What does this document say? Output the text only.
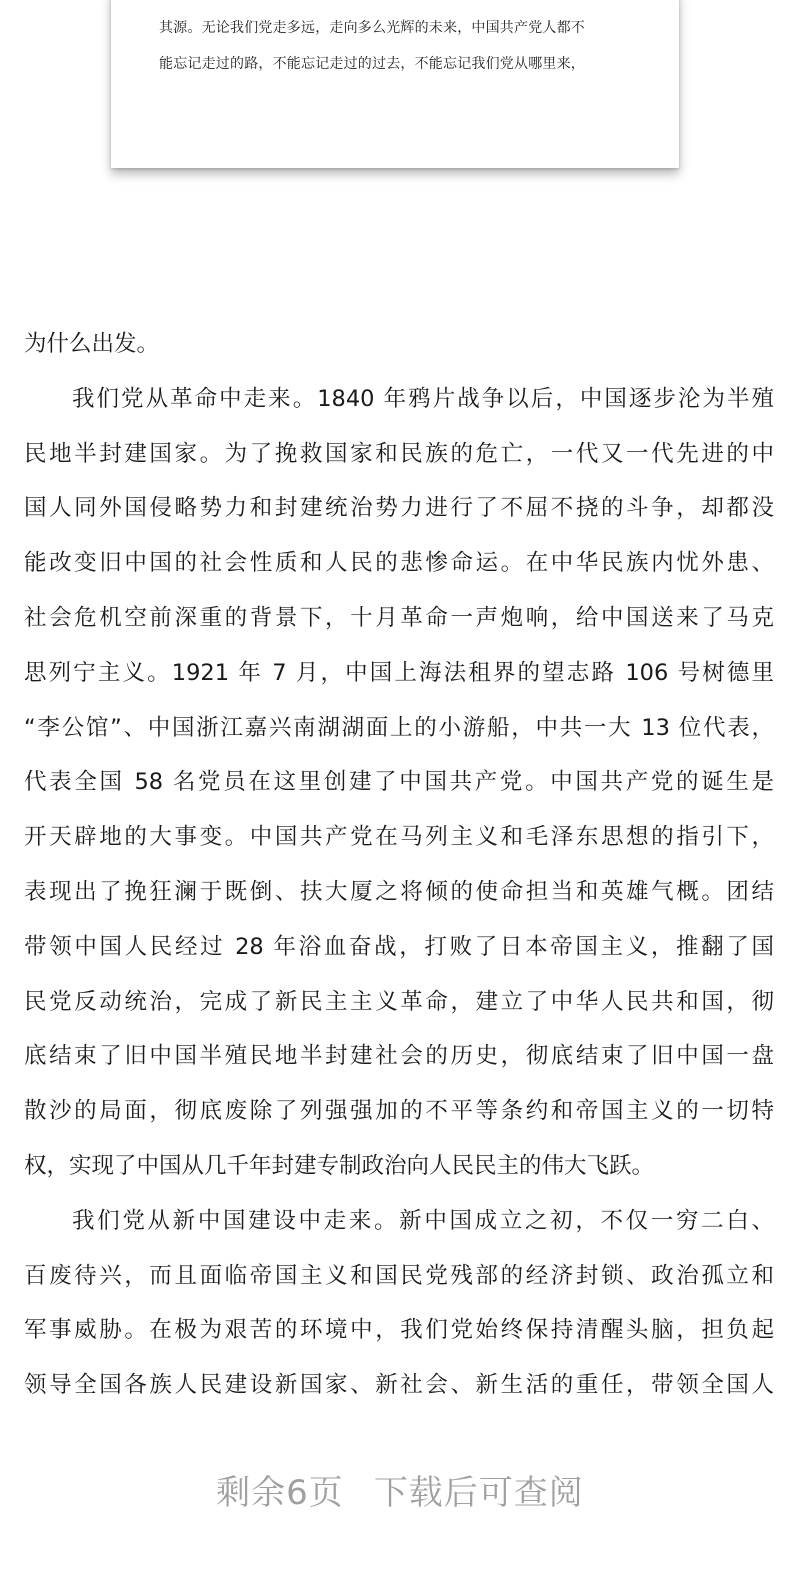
其源。无论我们党走多远，走向多么光辉的未来，中国共产党人都不
能忘记走过的路，不能忘记走过的过去，不能忘记我们党从哪里来，
为什么出发。
我们党从革命中走来。1840 年鸦片战争以后，中国逐步沦为半殖
民地半封建国家。为了挽救国家和民族的危亡，一代又一代先进的中
国人同外国侵略势力和封建统治势力进行了不屈不挠的斗争，却都没
能改变旧中国的社会性质和人民的悲惨命运。在中华民族内忧外患、
社会危机空前深重的背景下，十月革命一声炮响，给中国送来了马克
思列宁主义。1921 年 7 月，中国上海法租界的望志路 106 号树德里
“李公馆”、中国浙江嘉兴南湖湖面上的小游船，中共一大 13 位代表，
代表全国 58 名党员在这里创建了中国共产党。中国共产党的诞生是
开天辟地的大事变。中国共产党在马列主义和毛泽东思想的指引下，
表现出了挽狂澜于既倒、扶大厦之将倾的使命担当和英雄气概。团结
带领中国人民经过 28 年浴血奋战，打败了日本帝国主义，推翻了国
民党反动统治，完成了新民主主义革命，建立了中华人民共和国，彻
底结束了旧中国半殖民地半封建社会的历史，彻底结束了旧中国一盘
散沙的局面，彻底废除了列强强加的不平等条约和帝国主义的一切特
权，实现了中国从几千年封建专制政治向人民民主的伟大飞跃。
我们党从新中国建设中走来。新中国成立之初，不仅一穷二白、
百废待兴，而且面临帝国主义和国民党残部的经济封锁、政治孤立和
军事威胁。在极为艰苦的环境中，我们党始终保持清醒头脑，担负起
领导全国各族人民建设新国家、新社会、新生活的重任，带领全国人
剩余6页 下载后可查阅
